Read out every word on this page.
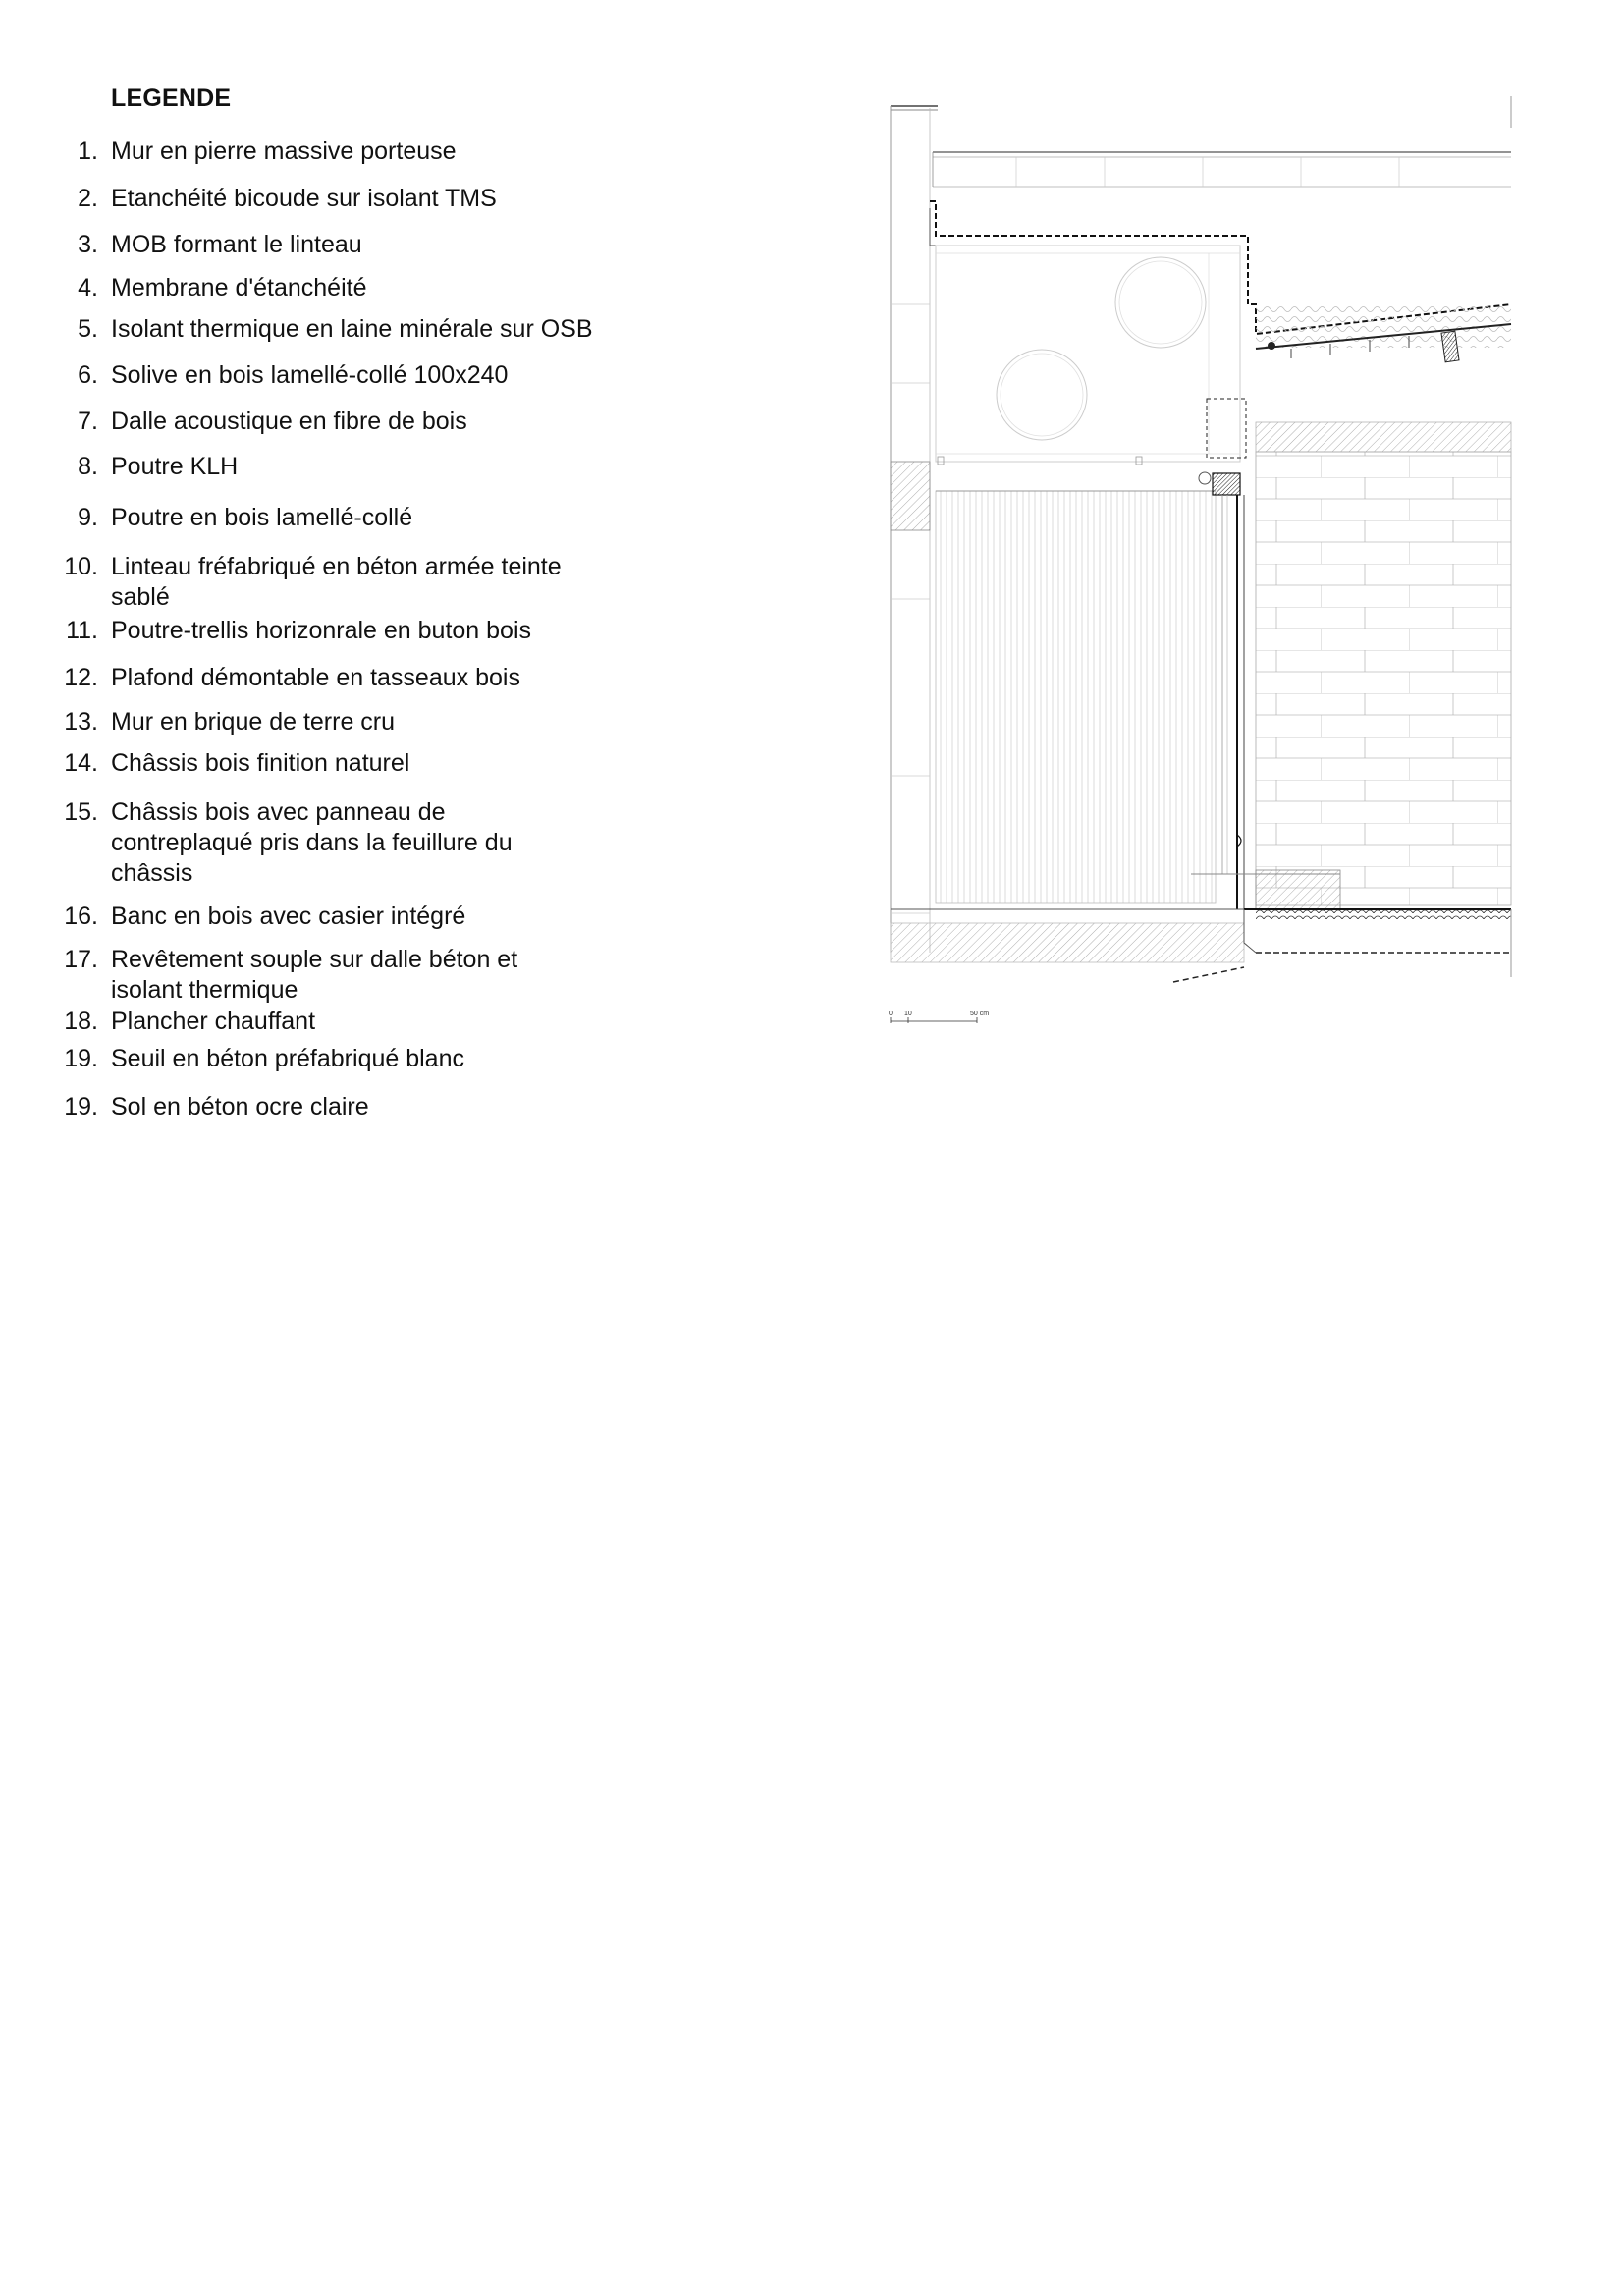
LEGENDE
1. Mur en pierre massive porteuse
2. Etanchéité bicoude sur isolant TMS
3. MOB formant le linteau
4. Membrane d'étanchéité
5. Isolant thermique en laine minérale sur OSB
6. Solive en bois lamellé-collé 100x240
7. Dalle acoustique en fibre de bois
8. Poutre KLH
9. Poutre en bois lamellé-collé
10. Linteau fréfabriqué en béton armée teinte sablé
11. Poutre-trellis horizonrale en buton bois
12. Plafond démontable en tasseaux bois
13. Mur en brique de terre cru
14. Châssis bois finition naturel
15. Châssis bois avec panneau de contreplaqué pris dans la feuillure du châssis
16. Banc en bois avec casier intégré
17. Revêtement souple sur dalle béton et isolant thermique
18. Plancher chauffant
19. Seuil en béton préfabriqué blanc
19. Sol en béton ocre claire
0 10	50 cm
